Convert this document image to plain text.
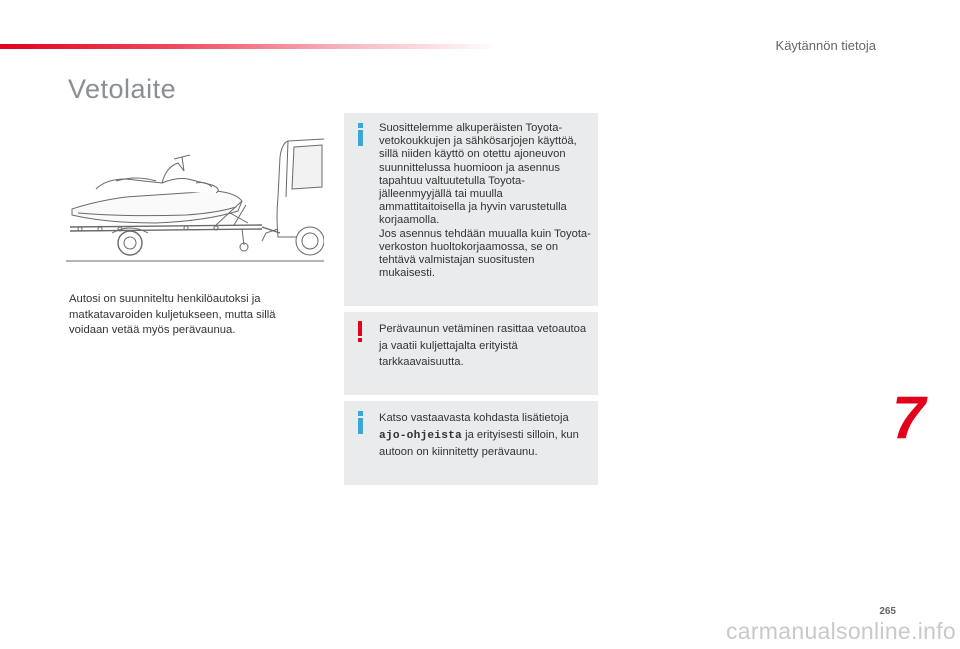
Käytännön tietoja
Vetolaite

Autosi on suunniteltu henkilöautoksi ja matkatavaroiden kuljetukseen, mutta sillä voidaan vetää myös perävaunua.

Suosittelemme alkuperäisten Toyota-vetokoukkujen ja sähkösarjojen käyttöä, sillä niiden käyttö on otettu ajoneuvon suunnittelussa huomioon ja asennus tapahtuu valtuutetulla Toyota-jälleenmyyjällä tai muulla ammattitaitoisella ja hyvin varustetulla korjaamolla.

Jos asennus tehdään muualla kuin Toyota-verkoston huoltokorjaamossa, se on tehtävä valmistajan suositusten mukaisesti.

Perävaunun vetäminen rasittaa vetoautoa ja vaatii kuljettajalta erityistä tarkkaavaisuutta.
Katso vastaavasta kohdasta lisätietoja ajo-ohjeista ja erityisesti silloin, kun autoon on kiinnitetty perävaunu.
7
265
carmanualsonline.info
